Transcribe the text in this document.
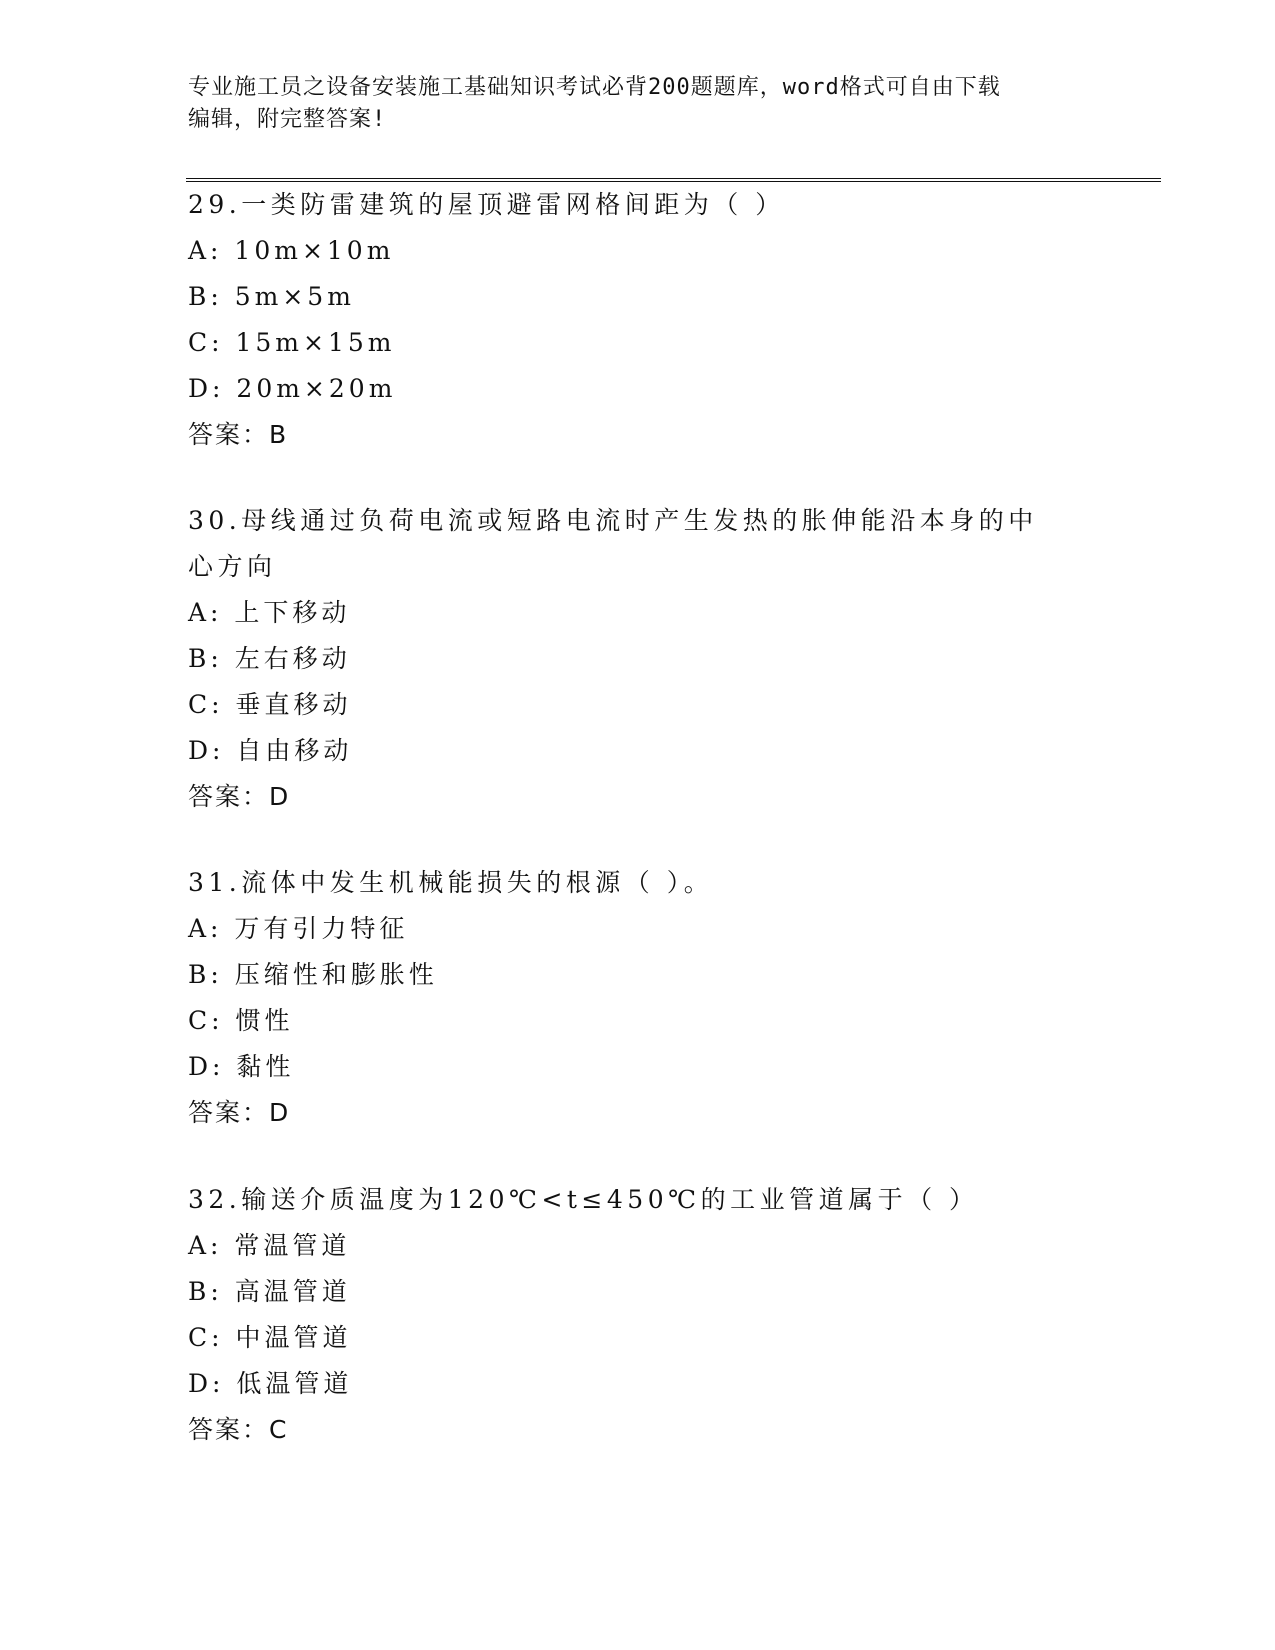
专业施工员之设备安装施工基础知识考试必背200题题库，word格式可自由下载
编辑，附完整答案!
29.一类防雷建筑的屋顶避雷网格间距为（ ）
A: 10m×10m
B: 5m×5m
C: 15m×15m
D: 20m×20m
答案：B
30.母线通过负荷电流或短路电流时产生发热的胀伸能沿本身的中心方向
A: 上下移动
B: 左右移动
C: 垂直移动
D: 自由移动
答案：D
31.流体中发生机械能损失的根源（ ）。
A: 万有引力特征
B: 压缩性和膨胀性
C: 惯性
D: 黏性
答案：D
32.输送介质温度为120℃<t≤450℃的工业管道属于（ ）
A: 常温管道
B: 高温管道
C: 中温管道
D: 低温管道
答案：C
